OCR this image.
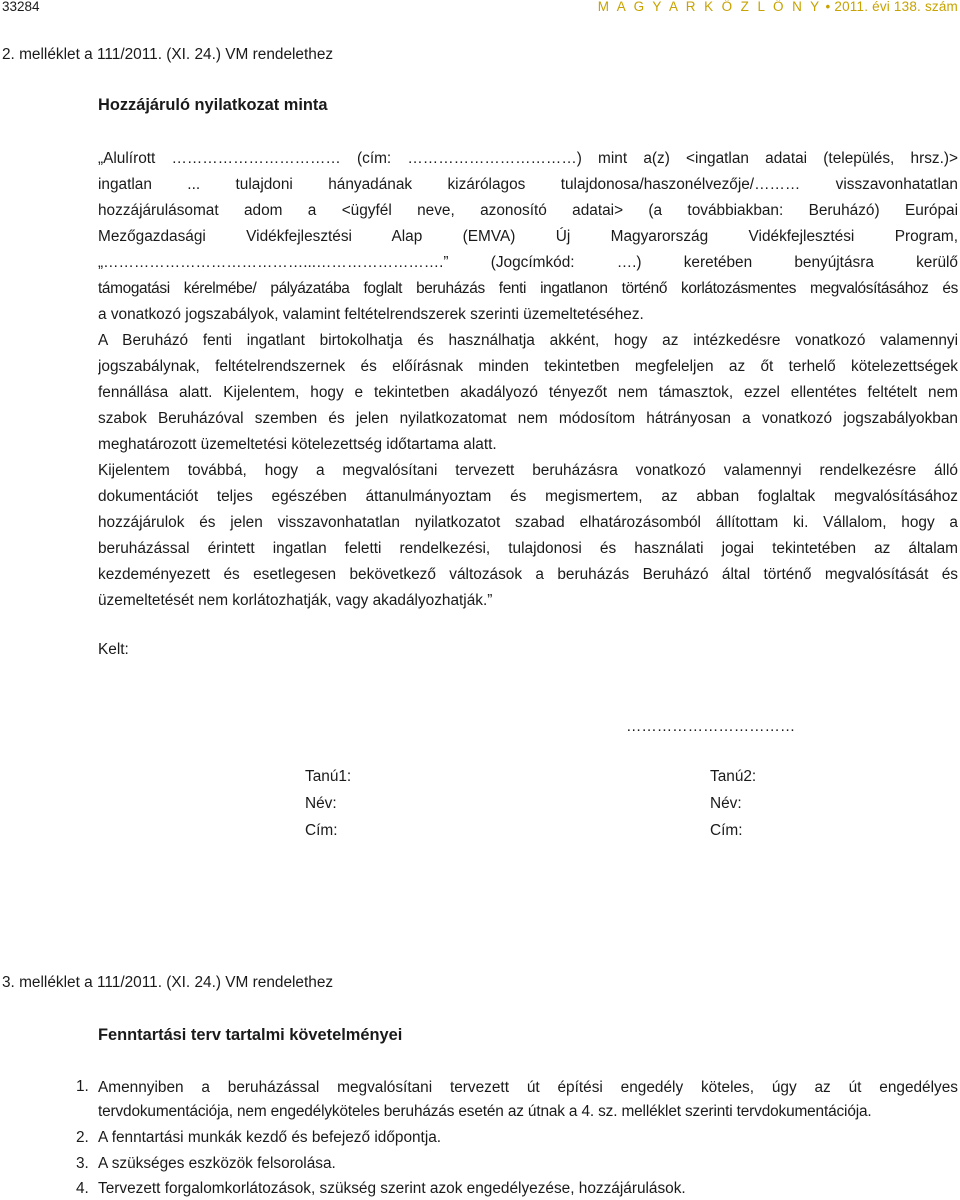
33284	M A G Y A R K Ö Z L Ö N Y • 2011. évi 138. szám
2. melléklet a 111/2011. (XI. 24.) VM rendelethez
Hozzájáruló nyilatkozat minta
„Alulírott …………………………… (cím: ……………………………) mint a(z) <ingatlan adatai (település, hrsz.)>
ingatlan ... tulajdoni hányadának kizárólagos tulajdonosa/haszonélvezője/……… visszavonhatatlan
hozzájárulásomat adom a <ügyfél neve, azonosító adatai> (a továbbiakban: Beruházó) Európai
Mezőgazdasági Vidékfejlesztési Alap (EMVA) Új Magyarország Vidékfejlesztési Program,
„…………………………………...…………………….” (Jogcímkód: ….) keretében benyújtásra kerülő
támogatási kérelmébe/ pályázatába foglalt beruházás fenti ingatlanon történő korlátozásmentes megvalósításához és
a vonatkozó jogszabályok, valamint feltételrendszerek szerinti üzemeltetéséhez.
A Beruházó fenti ingatlant birtokolhatja és használhatja akként, hogy az intézkedésre vonatkozó valamennyi
jogszabálynak, feltételrendszernek és előírásnak minden tekintetben megfeleljen az őt terhelő kötelezettségek
fennállása alatt. Kijelentem, hogy e tekintetben akadályozó tényezőt nem támasztok, ezzel ellentétes feltételt nem
szabok Beruházóval szemben és jelen nyilatkozatomat nem módosítom hátrányosan a vonatkozó jogszabályokban
meghatározott üzemeltetési kötelezettség időtartama alatt.
Kijelentem továbbá, hogy a megvalósítani tervezett beruházásra vonatkozó valamennyi rendelkezésre álló
dokumentációt teljes egészében áttanulmányoztam és megismertem, az abban foglaltak megvalósításához
hozzájárulok és jelen visszavonhatatlan nyilatkozatot szabad elhatározásomból állítottam ki. Vállalom, hogy a
beruházással érintett ingatlan feletti rendelkezési, tulajdonosi és használati jogai tekintetében az általam
kezdeményezett és esetlegesen bekövetkező változások a beruházás Beruházó által történő megvalósítását és
üzemeltetését nem korlátozhatják, vagy akadályozhatják.”
Kelt:
……………………………
Tanú1:
Név:
Cím:
Tanú2:
Név:
Cím:
3. melléklet a 111/2011. (XI. 24.) VM rendelethez
Fenntartási terv tartalmi követelményei
1. Amennyiben a beruházással megvalósítani tervezett út építési engedély köteles, úgy az út engedélyes
tervdokumentációja, nem engedélyköteles beruházás esetén az útnak a 4. sz. melléklet szerinti tervdokumentációja.
2. A fenntartási munkák kezdő és befejező időpontja.
3. A szükséges eszközök felsorolása.
4. Tervezett forgalomkorlátozások, szükség szerint azok engedélyezése, hozzájárulások.
